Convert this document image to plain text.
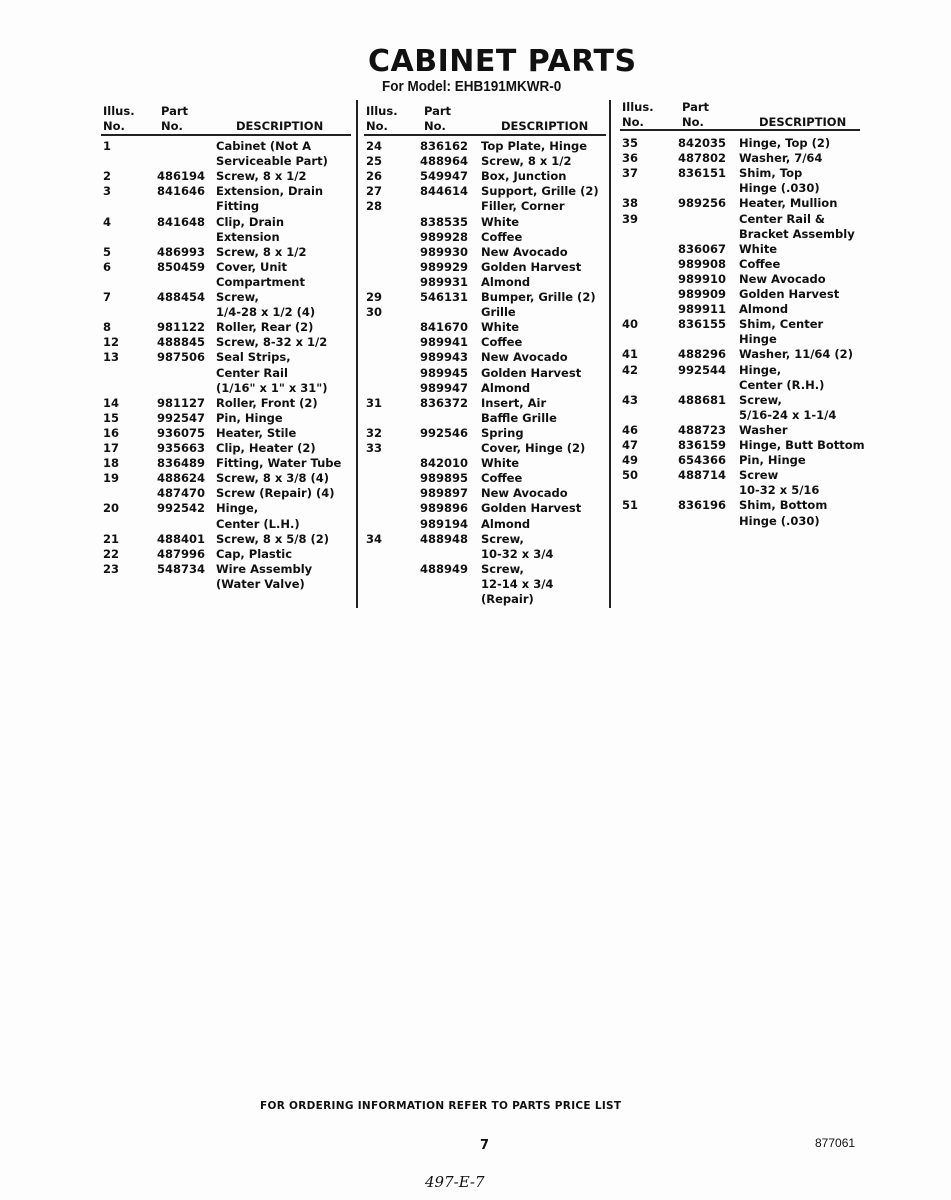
CABINET PARTS
For Model: EHB191MKWR-0
Illus.
No.
Part
No.	DESCRIPTION
1	Cabinet (Not A
Serviceable Part)
2	486194 Screw, 8 x 1/2
3	841646 Extension, Drain
Fitting
4	841648 Clip, Drain
Extension
5	486993 Screw, 8 x 1/2
6	850459 Cover, Unit
Compartment
7	488454 Screw,
1/4-28 x 1/2 (4)
8	981122 Roller, Rear (2)
12	488845 Screw, 8-32 x 1/2
13	987506 Seal Strips,
Center Rail
(1/16" x 1" x 31")
14	981127 Roller, Front (2)
15	992547 Pin, Hinge
16	936075 Heater, Stile
17	935663 Clip, Heater (2)
18	836489 Fitting, Water Tube
19	488624 Screw, 8 x 3/8 (4)
487470 Screw (Repair) (4)
20	992542 Hinge,
Center (L.H.)
21	488401 Screw, 8 x 5/8 (2)
22	487996 Cap, Plastic
23	548734 Wire Assembly
(Water Valve)
Illus.
No.
Part
No.	DESCRIPTION
24	836162 Top Plate, Hinge
25	488964 Screw, 8 x 1/2
26	549947 Box, Junction
27	844614 Support, Grille (2)
28	Filler, Corner
838535 White
989928 Coffee
989930 New Avocado
989929 Golden Harvest
989931 Almond
29	546131 Bumper, Grille (2)
30	Grille
841670 White
989941 Coffee
989943 New Avocado
989945 Golden Harvest
989947 Almond
31	836372 Insert, Air
Baffle Grille
32	992546 Spring
33	Cover, Hinge (2)
842010 White
989895 Coffee
989897 New Avocado
989896 Golden Harvest
989194 Almond
34	488948 Screw,
10-32 x 3/4
488949 Screw,
12-14 x 3/4
(Repair)
Illus.
No.
Part
No.	DESCRIPTION
35	842035 Hinge, Top (2)
36	487802 Washer, 7/64
37	836151 Shim, Top
Hinge (.030)
38	989256 Heater, Mullion
39	Center Rail &
Bracket Assembly
836067 White
989908 Coffee
989910 New Avocado
989909 Golden Harvest
989911 Almond
40	836155 Shim, Center
Hinge
41	488296 Washer, 11/64 (2)
42	992544 Hinge,
Center (R.H.)
43	488681 Screw,
5/16-24 x 1-1/4
46	488723 Washer
47	836159 Hinge, Butt Bottom
49	654366 Pin, Hinge
50	488714 Screw
10-32 x 5/16
51	836196 Shim, Bottom
Hinge (.030)
FOR ORDERING INFORMATION REFER TO PARTS PRICE LIST
7	877061
497-E-7
